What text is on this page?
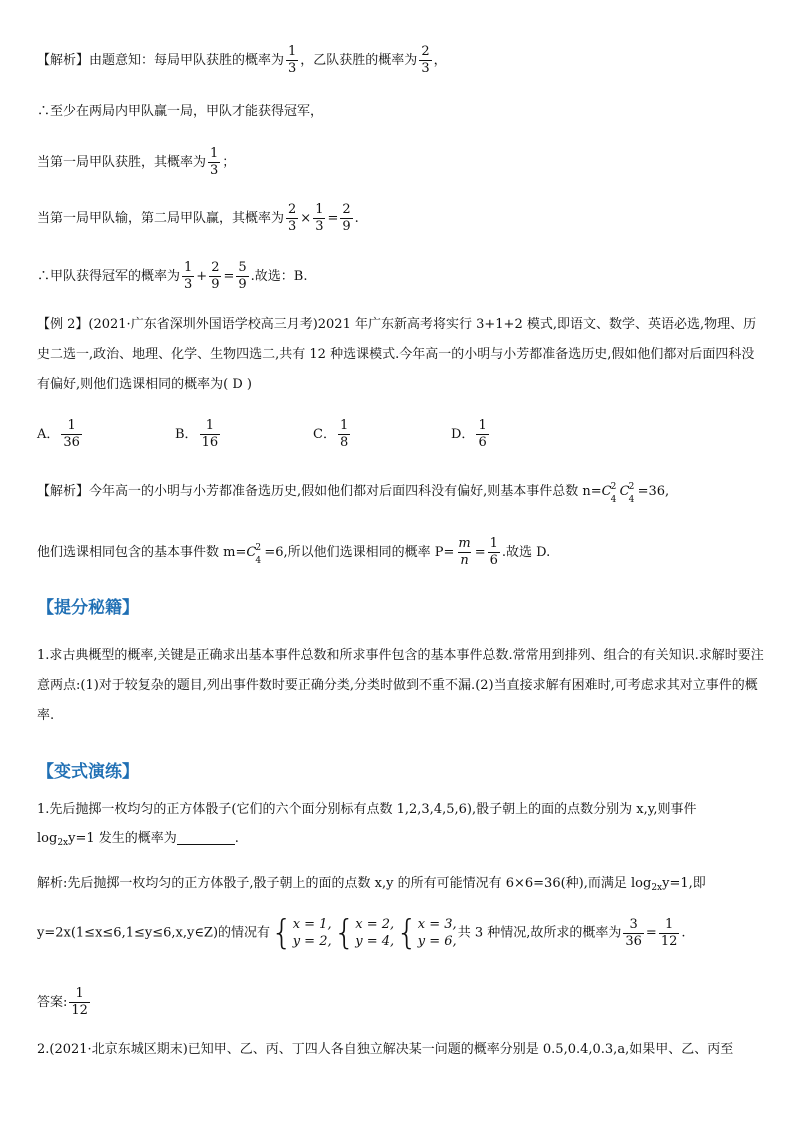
【解析】由题意知：每局甲队获胜的概率为 $\frac{1}{3}$ ，乙队获胜的概率为 $\frac{2}{3}$ ，
∴至少在两局内甲队赢一局，甲队才能获得冠军，
当第一局甲队获胜，其概率为 $\frac{1}{3}$ ；
当第一局甲队输，第二局甲队赢，其概率为 $\frac{2}{3} \times \frac{1}{3} = \frac{2}{9}$ .
∴甲队获得冠军的概率为 $\frac{1}{3} + \frac{2}{9} = \frac{5}{9}$ .故选：B.
【例 2】(2021·广东省深圳外国语学校高三月考)2021 年广东新高考将实行 3+1+2 模式,即语文、数学、英语必选,物理、历史二选一,政治、地理、化学、生物四选二,共有 12 种选课模式.今年高一的小明与小芳都准备选历史,假如他们都对后面四科没有偏好,则他们选课相同的概率为( D )
A． $\frac{1}{36}$	B． $\frac{1}{16}$	C． $\frac{1}{8}$	D． $\frac{1}{6}$
【解析】今年高一的小明与小芳都准备选历史,假如他们都对后面四科没有偏好,则基本事件总数 n=C 2
4
C 2
4
=36,
他们选课相同包含的基本事件数 m=C 2
4
=6,所以他们选课相同的概率 $P= \frac{m}{n} = \frac{1}{6}$ .故选 D.
【提分秘籍】
1.求古典概型的概率,关键是正确求出基本事件总数和所求事件包含的基本事件总数.常常用到排列、组合的有关知识.求解时要注意两点:(1)对于较复杂的题目,列出事件数时要正确分类,分类时做到不重不漏.(2)当直接求解有困难时,可考虑求其对立事件的概率.
【变式演练】
1.先后抛掷一枚均匀的正方体骰子(它们的六个面分别标有点数 1,2,3,4,5,6),骰子朝上的面的点数分别为 x,y,则事件
$\log_{2x}y=1$ 发生的概率为	.
解析:先后抛掷一枚均匀的正方体骰子,骰子朝上的面的点数 x,y 的所有可能情况有 6×6=36(种),而满足 $\log_{2x}y=1$,即
y=2x(1≤x≤6,1≤y≤6,x,y∈Z)的情况有 { x = 1,
y = 2, { x = 2,
y = 4, { x = 3,
y = 6,
共 3 种情况,故所求的概率为 $\frac{3}{36} = \frac{1}{12}$ .
答案: $\frac{1}{12}$
2.(2021·北京东城区期末)已知甲、乙、丙、丁四人各自独立解决某一问题的概率分别是 0.5,0.4,0.3,a,如果甲、乙、丙至
